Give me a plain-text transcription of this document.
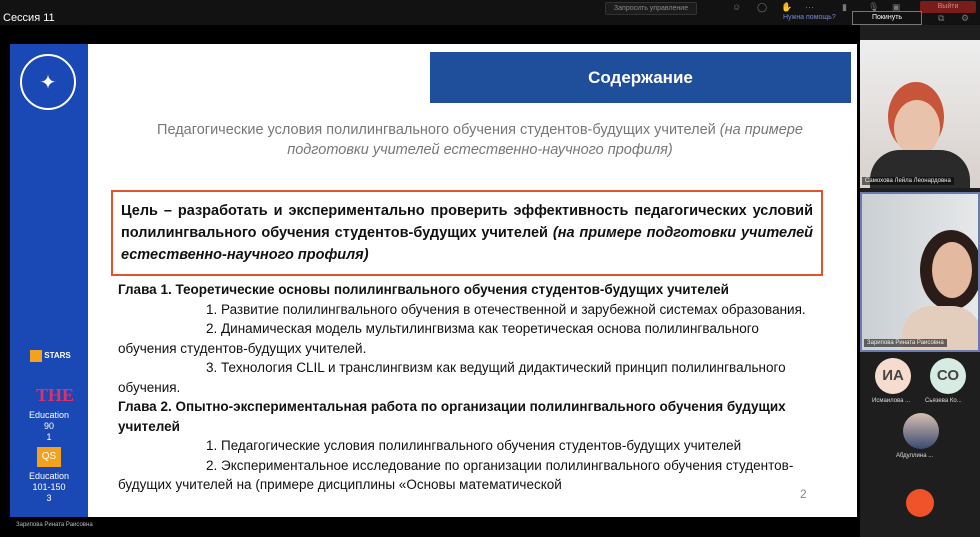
Сессия 11
Запросить управление	☺ ◯ ✋ ⋯	▮ 🎙 ▣	Выйти
Нужна помощь?	Покинуть	⧉ ⚙
✦
STARS
THE
Education
90
1
QS
Education
101-150
3
Содержание
Педагогические условия полилингвального обучения студентов-будущих учителей (на примере подготовки учителей естественно-научного профиля)
Цель – разработать и экспериментально проверить эффективность педагогических условий полилингвального обучения студентов-будущих учителей (на примере подготовки учителей естественно-научного профиля)
Глава 1. Теоретические основы полилингвального обучения студентов-будущих учителей
1. Развитие полилингвального обучения в отечественной и зарубежной системах образования.
2. Динамическая модель мультилингвизма как теоретическая основа полилингвального обучения студентов-будущих учителей.
3. Технология CLIL и транслингвизм как ведущий дидактический принцип полилингвального обучения.
Глава 2. Опытно-экспериментальная работа по организации полилингвального обучения будущих учителей
1. Педагогические условия полилингвального обучения студентов-будущих учителей
2. Экспериментальное исследование по организации полилингвального обучения студентов-будущих учителей на (примере дисциплины «Основы математической
2
Зарипова Рината Раисовна
Самохова Лейла Леонардовна
Зарипова Рината Раисовна
ИА
Исмаилова ...
СО
Сьязева Ко...
Абдуллина ...
